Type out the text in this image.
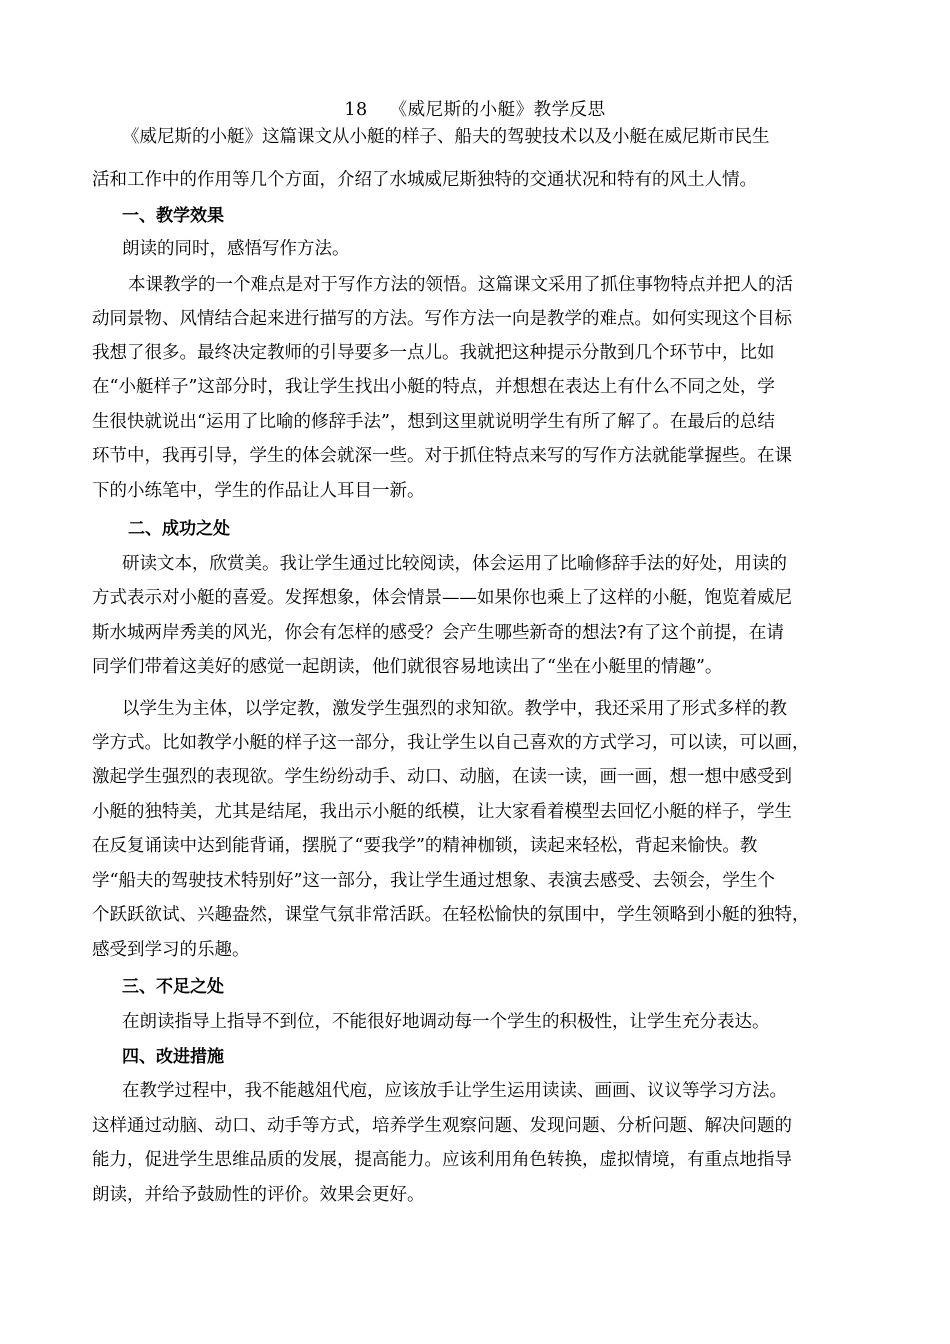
18 《威尼斯的小艇》教学反思
《威尼斯的小艇》这篇课文从小艇的样子、船夫的驾驶技术以及小艇在威尼斯市民生
活和工作中的作用等几个方面，介绍了水城威尼斯独特的交通状况和特有的风土人情。
一、教学效果
朗读的同时，感悟写作方法。
本课教学的一个难点是对于写作方法的领悟。这篇课文采用了抓住事物特点并把人的活
动同景物、风情结合起来进行描写的方法。写作方法一向是教学的难点。如何实现这个目标
我想了很多。最终决定教师的引导要多一点儿。我就把这种提示分散到几个环节中，比如
在“小艇样子”这部分时，我让学生找出小艇的特点，并想想在表达上有什么不同之处，学
生很快就说出“运用了比喻的修辞手法”，想到这里就说明学生有所了解了。在最后的总结
环节中，我再引导，学生的体会就深一些。对于抓住特点来写的写作方法就能掌握些。在课
下的小练笔中，学生的作品让人耳目一新。
二、成功之处
研读文本，欣赏美。我让学生通过比较阅读，体会运用了比喻修辞手法的好处，用读的
方式表示对小艇的喜爱。发挥想象，体会情景——如果你也乘上了这样的小艇，饱览着威尼
斯水城两岸秀美的风光，你会有怎样的感受？会产生哪些新奇的想法?有了这个前提，在请
同学们带着这美好的感觉一起朗读，他们就很容易地读出了“坐在小艇里的情趣”。
以学生为主体，以学定教，激发学生强烈的求知欲。教学中，我还采用了形式多样的教
学方式。比如教学小艇的样子这一部分，我让学生以自己喜欢的方式学习，可以读，可以画，
激起学生强烈的表现欲。学生纷纷动手、动口、动脑，在读一读，画一画，想一想中感受到
小艇的独特美，尤其是结尾，我出示小艇的纸模，让大家看着模型去回忆小艇的样子，学生
在反复诵读中达到能背诵，摆脱了“要我学”的精神枷锁，读起来轻松，背起来愉快。教
学“船夫的驾驶技术特别好”这一部分，我让学生通过想象、表演去感受、去领会，学生个
个跃跃欲试、兴趣盎然，课堂气氛非常活跃。在轻松愉快的氛围中，学生领略到小艇的独特，
感受到学习的乐趣。
三、不足之处
在朗读指导上指导不到位，不能很好地调动每一个学生的积极性，让学生充分表达。
四、改进措施
在教学过程中，我不能越俎代庖，应该放手让学生运用读读、画画、议议等学习方法。
这样通过动脑、动口、动手等方式，培养学生观察问题、发现问题、分析问题、解决问题的
能力，促进学生思维品质的发展，提高能力。应该利用角色转换，虚拟情境，有重点地指导
朗读，并给予鼓励性的评价。效果会更好。
